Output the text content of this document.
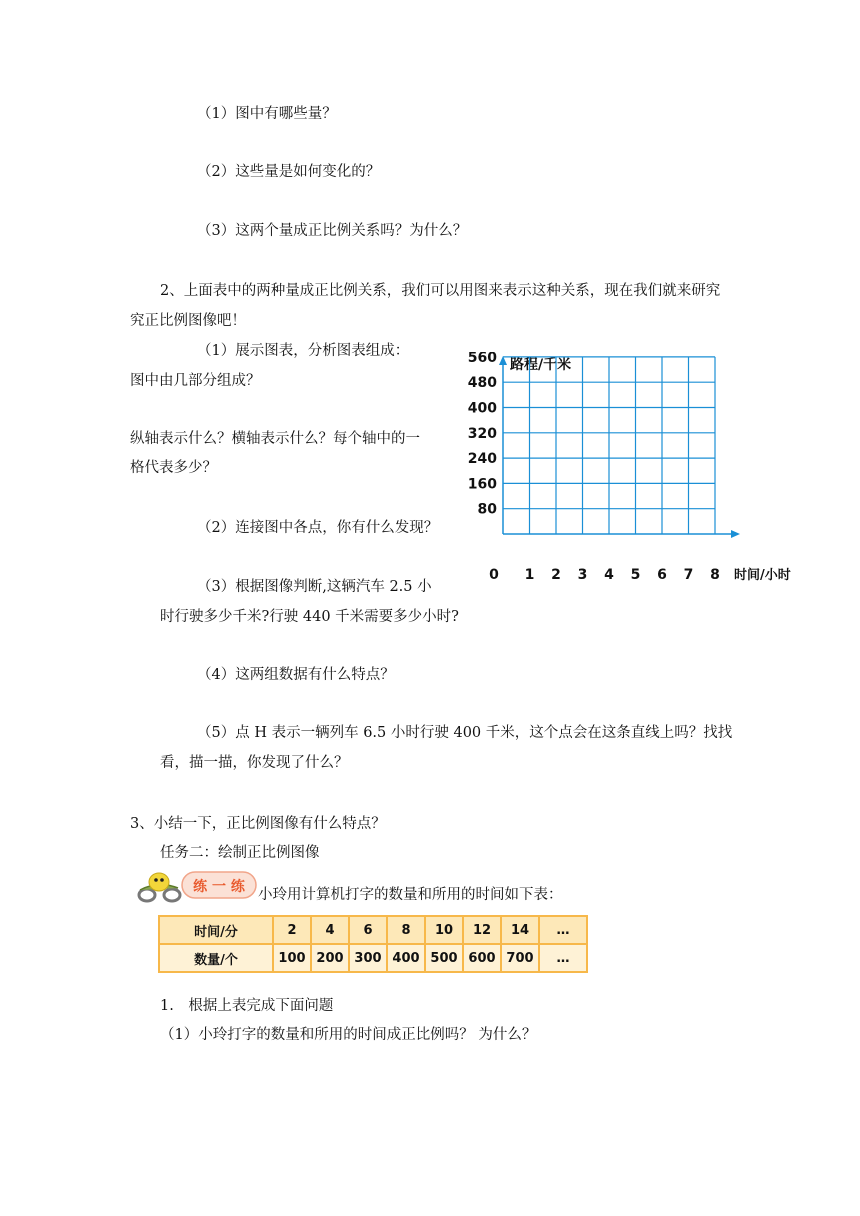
（1）图中有哪些量？
（2）这些量是如何变化的？
（3）这两个量成正比例关系吗？为什么？
2、上面表中的两种量成正比例关系，我们可以用图来表示这种关系，现在我们就来研究
究正比例图像吧！
（1）展示图表，分析图表组成：
图中由几部分组成？
纵轴表示什么？横轴表示什么？每个轴中的一
格代表多少？
（2）连接图中各点，你有什么发现？
（3）根据图像判断,这辆汽车 2.5 小
时行驶多少千米?行驶 440 千米需要多少小时?
（4）这两组数据有什么特点？
（5）点 H 表示一辆列车 6.5 小时行驶 400 千米，这个点会在这条直线上吗？找找
看，描一描，你发现了什么？
3、小结一下，正比例图像有什么特点？
任务二：绘制正比例图像
路程/千米
时间/小时
0 1 2 3 4 5 6 7 8
80
160
240
320
400
480
560
练 一 练 小玲用计算机打字的数量和所用的时间如下表：
时间/分	2	4	6	8	10	12	14	…
数量/个	100	200	300	400	500	600	700	…
1.　根据上表完成下面问题
（1）小玲打字的数量和所用的时间成正比例吗？ 为什么？
